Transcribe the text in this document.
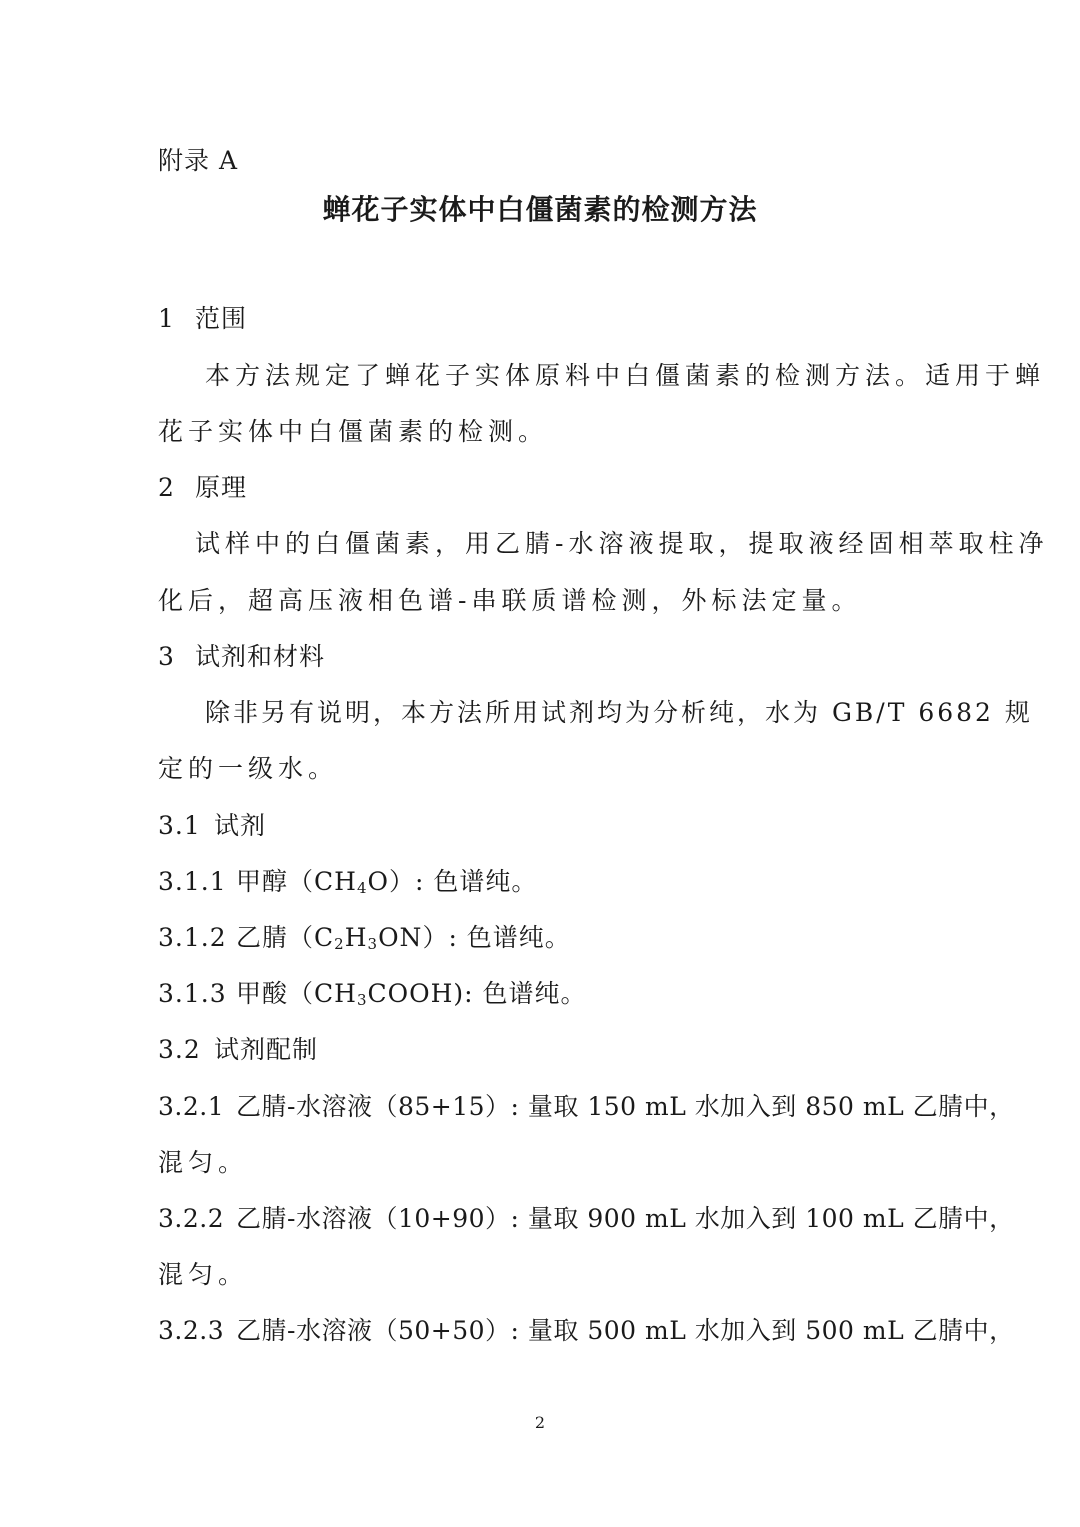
附录 A
蝉花子实体中白僵菌素的检测方法
1 范围
本方法规定了蝉花子实体原料中白僵菌素的检测方法。适用于蝉
花子实体中白僵菌素的检测。
2 原理
试样中的白僵菌素，用乙腈-水溶液提取，提取液经固相萃取柱净
化后，超高压液相色谱-串联质谱检测，外标法定量。
3 试剂和材料
除非另有说明，本方法所用试剂均为分析纯，水为 GB/T 6682 规
定的一级水。
3.1 试剂
3.1.1 甲醇$(CH_4O)$: 色谱纯。
3.1.2 乙腈$(C_2H_3ON)$: 色谱纯。
3.1.3 甲酸$(CH_3COOH)$: 色谱纯。
3.2 试剂配制
3.2.1 乙腈-水溶液（85+15）: 量取 150 mL 水加入到 850 mL 乙腈中，
混匀。
3.2.2 乙腈-水溶液（10+90）: 量取 900 mL 水加入到 100 mL 乙腈中，
混匀。
3.2.3 乙腈-水溶液（50+50）: 量取 500 mL 水加入到 500 mL 乙腈中，
2
